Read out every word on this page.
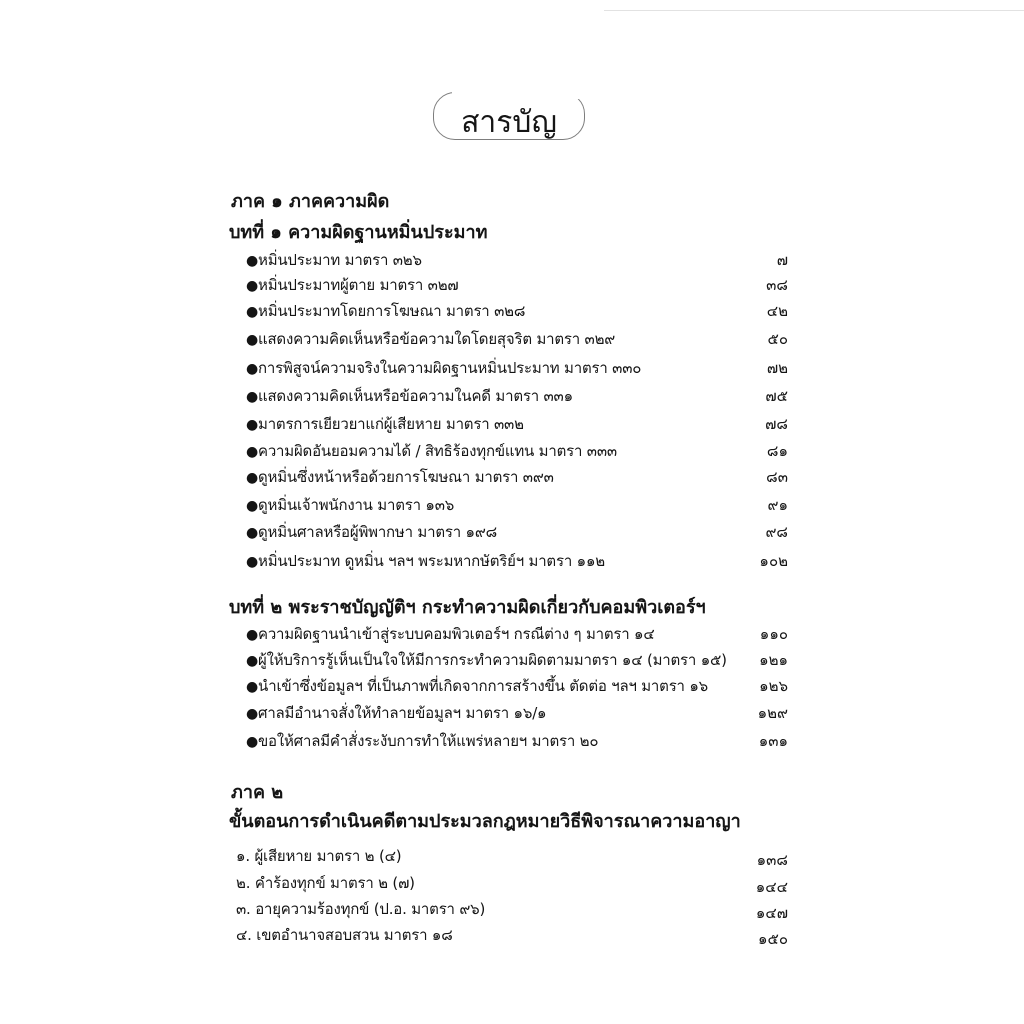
สารบัญ
ภาค ๑ ภาคความผิด
บทที่ ๑ ความผิดฐานหมิ่นประมาท
●หมิ่นประมาท มาตรา ๓๒๖	๗
●หมิ่นประมาทผู้ตาย มาตรา ๓๒๗	๓๘
●หมิ่นประมาทโดยการโฆษณา มาตรา ๓๒๘	๔๒
●แสดงความคิดเห็นหรือข้อความใดโดยสุจริต มาตรา ๓๒๙	๕๐
●การพิสูจน์ความจริงในความผิดฐานหมิ่นประมาท มาตรา ๓๓๐	๗๒
●แสดงความคิดเห็นหรือข้อความในคดี มาตรา ๓๓๑	๗๕
●มาตรการเยียวยาแก่ผู้เสียหาย มาตรา ๓๓๒	๗๘
●ความผิดอันยอมความได้ / สิทธิร้องทุกข์แทน มาตรา ๓๓๓	๘๑
●ดูหมิ่นซึ่งหน้าหรือด้วยการโฆษณา มาตรา ๓๙๓	๘๓
●ดูหมิ่นเจ้าพนักงาน มาตรา ๑๓๖	๙๑
●ดูหมิ่นศาลหรือผู้พิพากษา มาตรา ๑๙๘	๙๘
●หมิ่นประมาท ดูหมิ่น ฯลฯ พระมหากษัตริย์ฯ มาตรา ๑๑๒	๑๐๒
บทที่ ๒ พระราชบัญญัติฯ กระทำความผิดเกี่ยวกับคอมพิวเตอร์ฯ
●ความผิดฐานนำเข้าสู่ระบบคอมพิวเตอร์ฯ กรณีต่าง ๆ มาตรา ๑๔	๑๑๐
●ผู้ให้บริการรู้เห็นเป็นใจให้มีการกระทำความผิดตามมาตรา ๑๔ (มาตรา ๑๕) ๑๒๑
●นำเข้าซึ่งข้อมูลฯ ที่เป็นภาพที่เกิดจากการสร้างขึ้น ตัดต่อ ฯลฯ มาตรา ๑๖	๑๒๖
●ศาลมีอำนาจสั่งให้ทำลายข้อมูลฯ มาตรา ๑๖/๑	๑๒๙
●ขอให้ศาลมีคำสั่งระงับการทำให้แพร่หลายฯ มาตรา ๒๐	๑๓๑
ภาค ๒
ขั้นตอนการดำเนินคดีตามประมวลกฎหมายวิธีพิจารณาความอาญา
๑. ผู้เสียหาย มาตรา ๒ (๔)	๑๓๘
๒. คำร้องทุกข์ มาตรา ๒ (๗)	๑๔๔
๓. อายุความร้องทุกข์ (ป.อ. มาตรา ๙๖)	๑๔๗
๔. เขตอำนาจสอบสวน มาตรา ๑๘	๑๕๐
